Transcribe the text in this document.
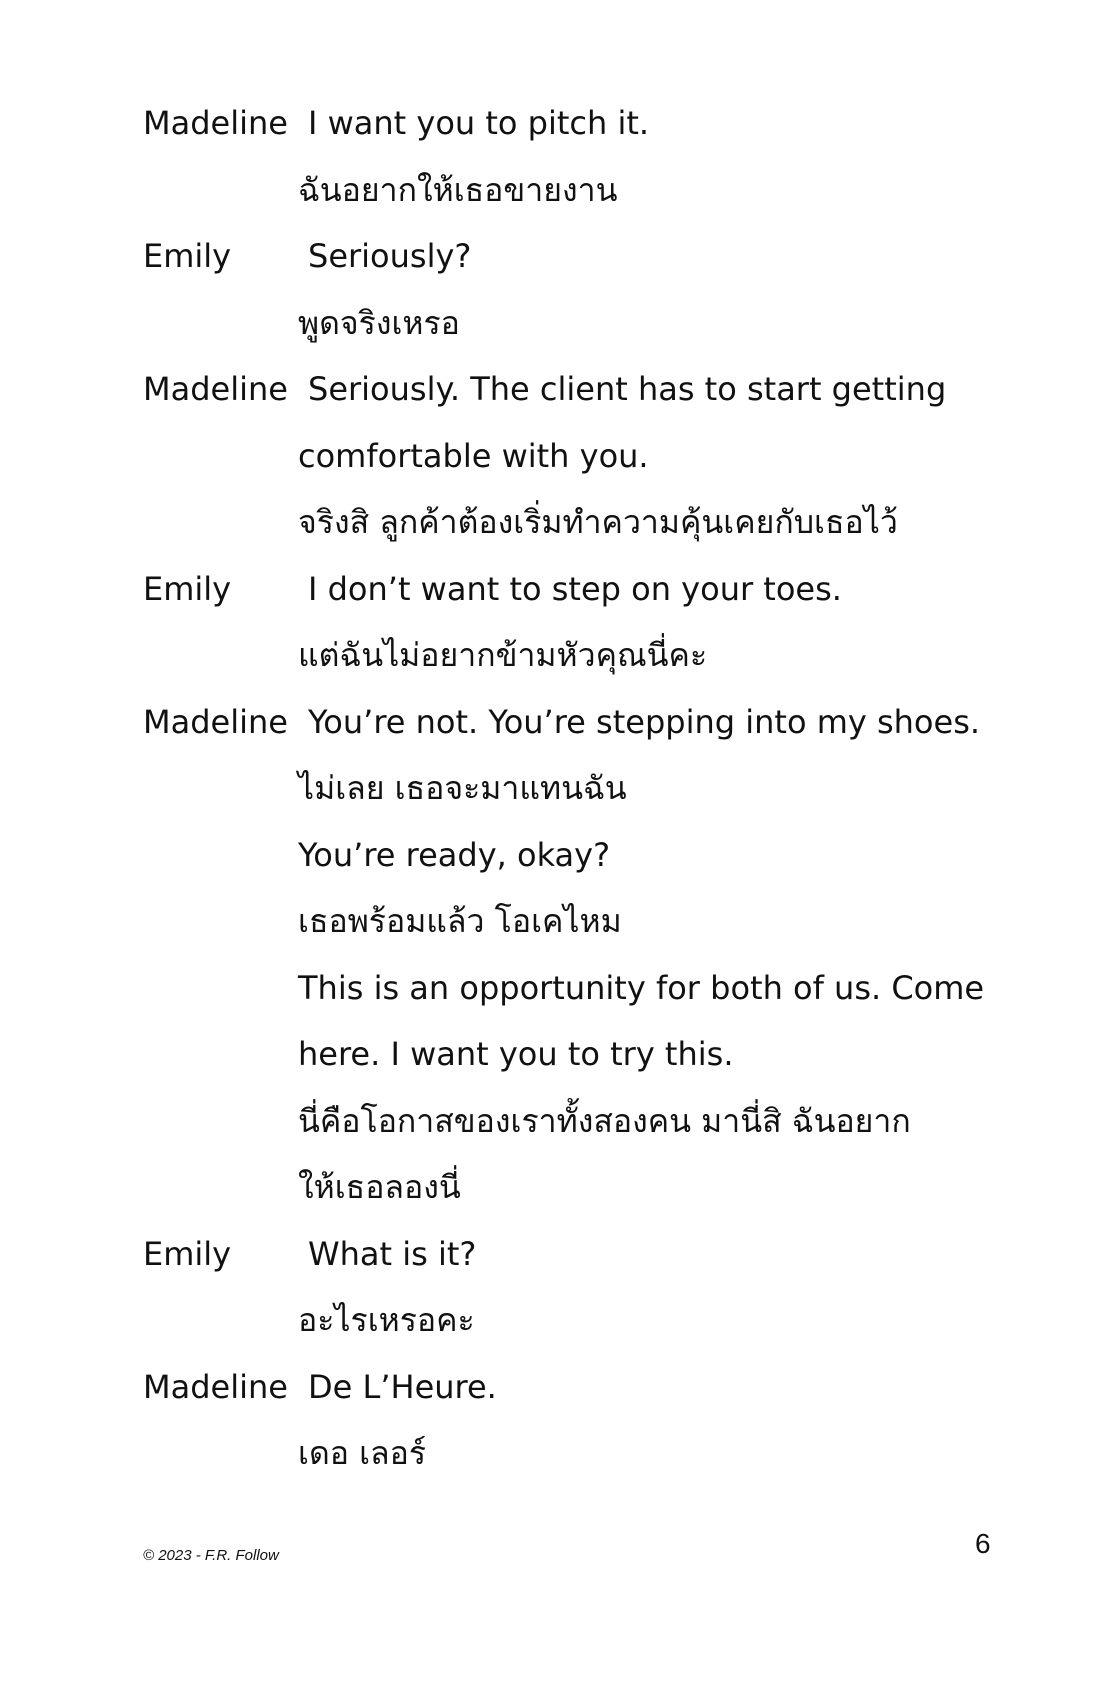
Madeline I want you to pitch it.
ฉันอยากให้เธอขายงาน
Emily Seriously?
พูดจริงเหรอ
Madeline Seriously. The client has to start getting
comfortable with you.
จริงสิ ลูกค้าต้องเริ่มทำความคุ้นเคยกับเธอไว้
Emily I don’t want to step on your toes.
แต่ฉันไม่อยากข้ามหัวคุณนี่คะ
Madeline You’re not. You’re stepping into my shoes.
ไม่เลย เธอจะมาแทนฉัน
You’re ready, okay?
เธอพร้อมแล้ว โอเคไหม
This is an opportunity for both of us. Come
here. I want you to try this.
นี่คือโอกาสของเราทั้งสองคน มานี่สิ ฉันอยาก
ให้เธอลองนี่
Emily What is it?
อะไรเหรอคะ
Madeline De L’Heure.
เดอ เลอร์
© 2023 - F.R. Follow	6
